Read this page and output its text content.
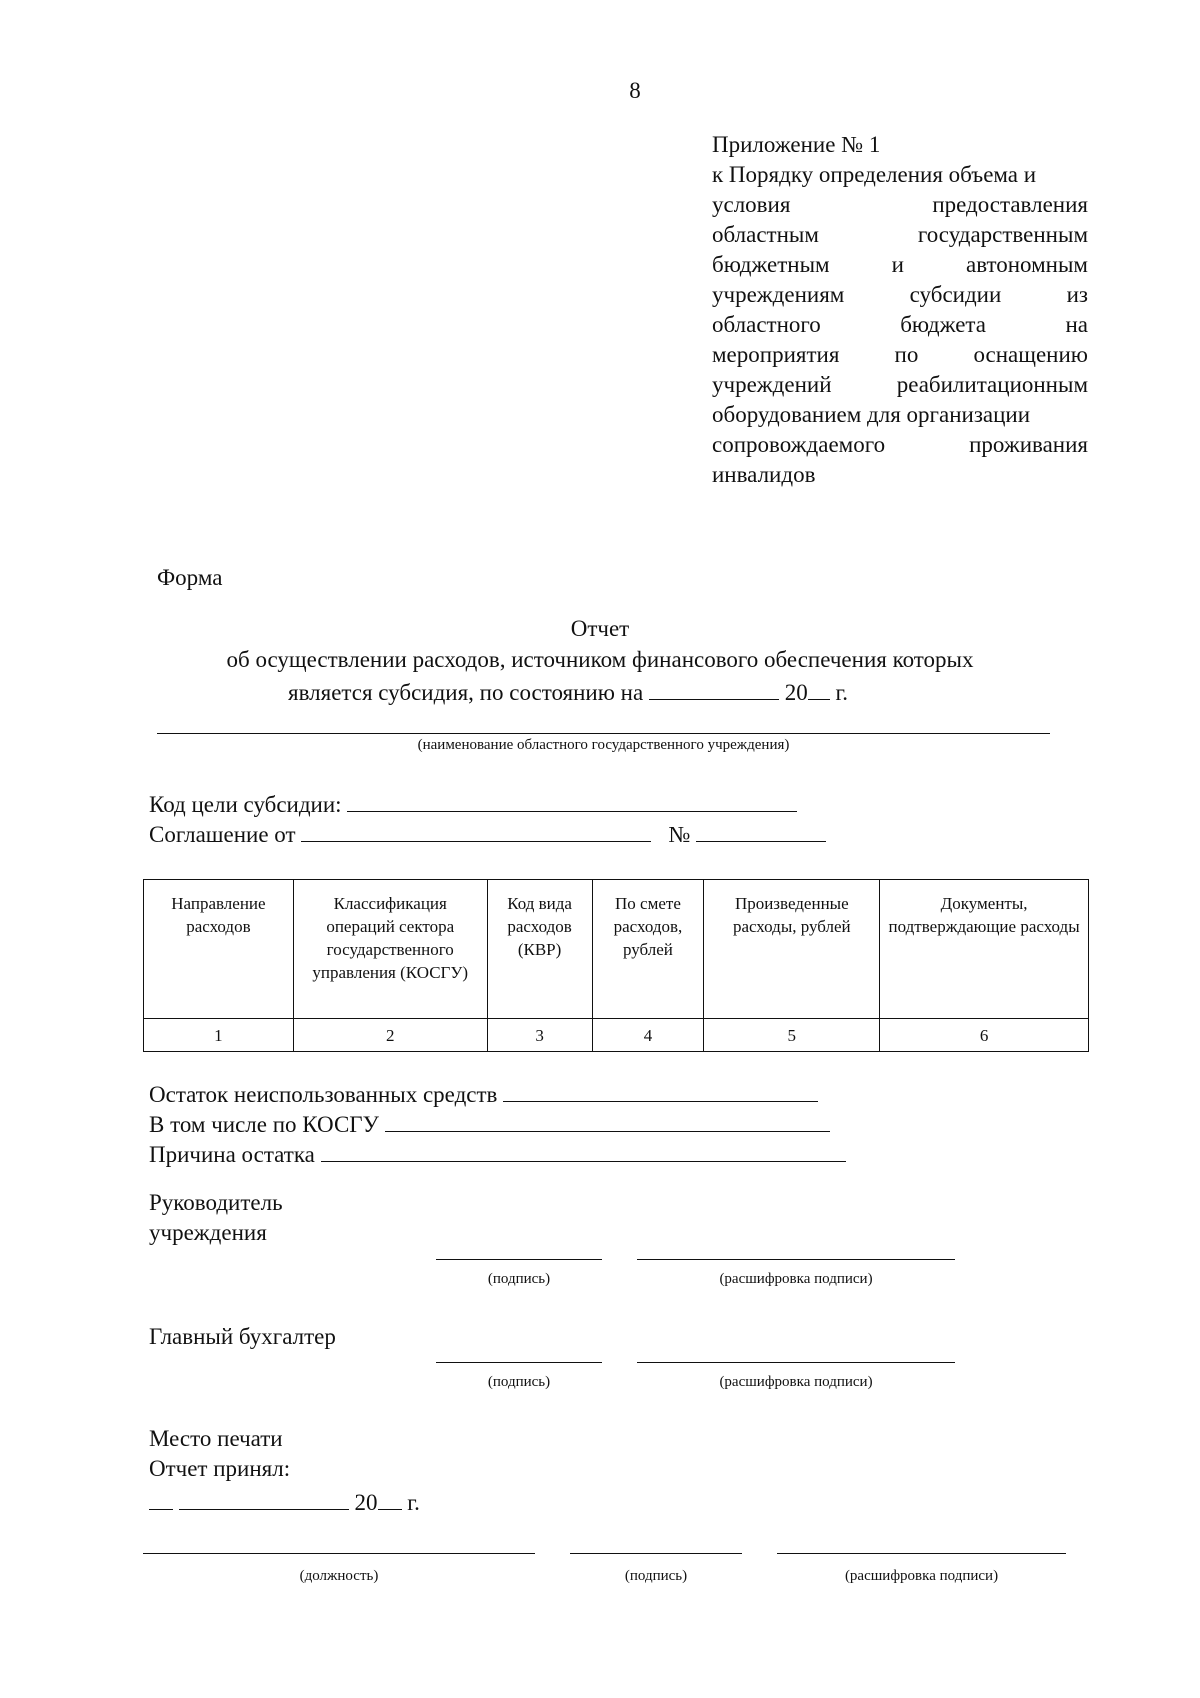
8
Приложение № 1
к Порядку определения объема и
условия	предоставления
областным	государственным
бюджетным	и	автономным
учреждениям	субсидии	из
областного	бюджета	на
мероприятия по оснащению
учреждений	реабилитационным
оборудованием для организации
сопровождаемого	проживания
инвалидов
Форма
Отчет
об осуществлении расходов, источником финансового обеспечения которых
является субсидия, по состоянию на	20 г.
(наименование областного государственного учреждения)
Код цели субсидии:
Соглашение от	№
Направление расходов	Классификация операций сектора государственного управления (КОСГУ)	Код вида расходов (КВР)	По смете расходов, рублей	Произведенные расходы, рублей	Документы, подтверждающие расходы
1	2	3	4	5	6
Остаток неиспользованных средств
В том числе по КОСГУ
Причина остатка
Руководитель
учреждения
(подпись)	(расшифровка подписи)
Главный бухгалтер
(подпись)	(расшифровка подписи)
Место печати
Отчет принял:
20 г.
(должность)	(подпись)	(расшифровка подписи)
